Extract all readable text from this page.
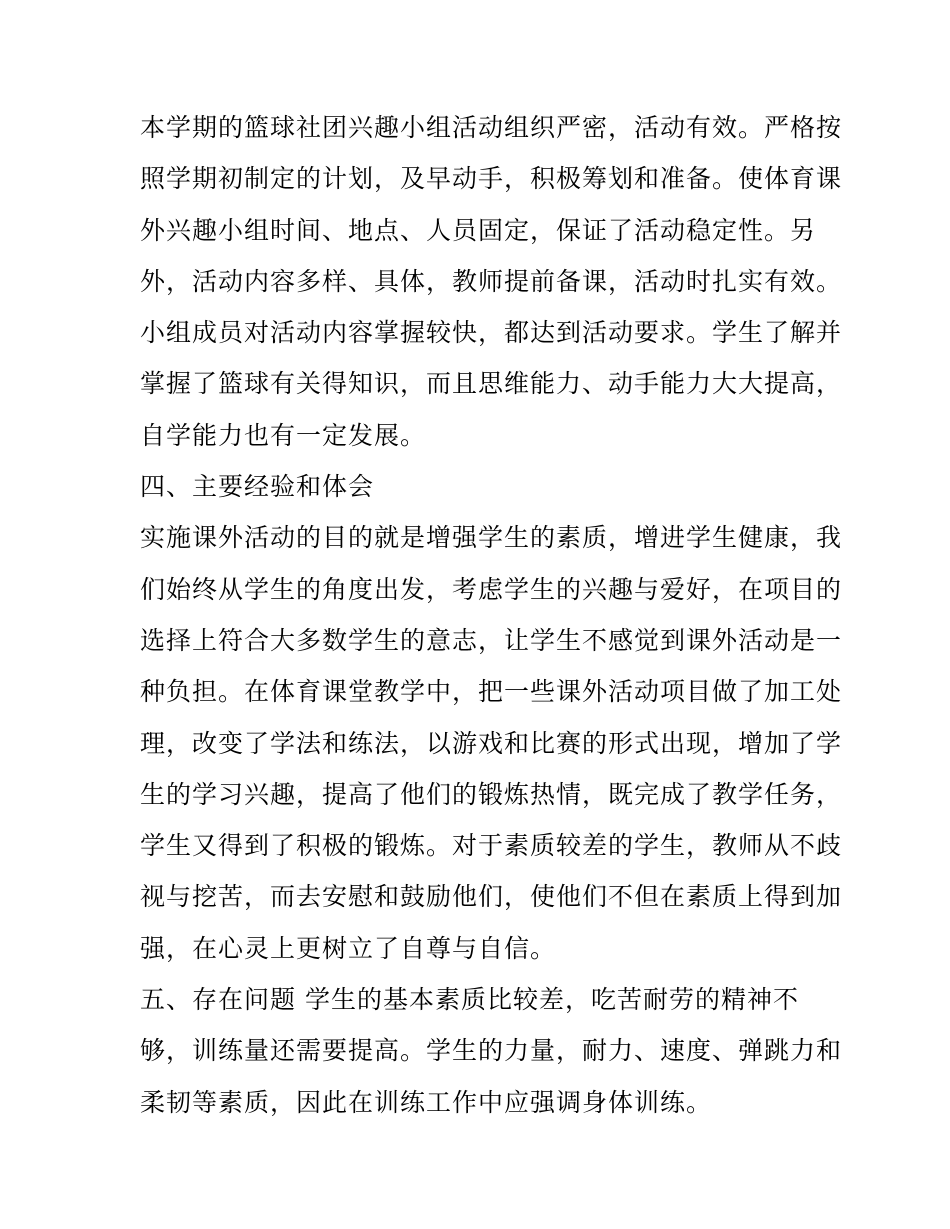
本学期的篮球社团兴趣小组活动组织严密，活动有效。严格按
照学期初制定的计划，及早动手，积极筹划和准备。使体育课
外兴趣小组时间、地点、人员固定，保证了活动稳定性。另
外，活动内容多样、具体，教师提前备课，活动时扎实有效。
小组成员对活动内容掌握较快，都达到活动要求。学生了解并
掌握了篮球有关得知识，而且思维能力、动手能力大大提高，
自学能力也有一定发展。
四、主要经验和体会
实施课外活动的目的就是增强学生的素质，增进学生健康，我
们始终从学生的角度出发，考虑学生的兴趣与爱好，在项目的
选择上符合大多数学生的意志，让学生不感觉到课外活动是一
种负担。在体育课堂教学中，把一些课外活动项目做了加工处
理，改变了学法和练法，以游戏和比赛的形式出现，增加了学
生的学习兴趣，提高了他们的锻炼热情，既完成了教学任务，
学生又得到了积极的锻炼。对于素质较差的学生，教师从不歧
视与挖苦，而去安慰和鼓励他们，使他们不但在素质上得到加
强，在心灵上更树立了自尊与自信。
五、存在问题 学生的基本素质比较差，吃苦耐劳的精神不
够，训练量还需要提高。学生的力量，耐力、速度、弹跳力和
柔韧等素质，因此在训练工作中应强调身体训练。
